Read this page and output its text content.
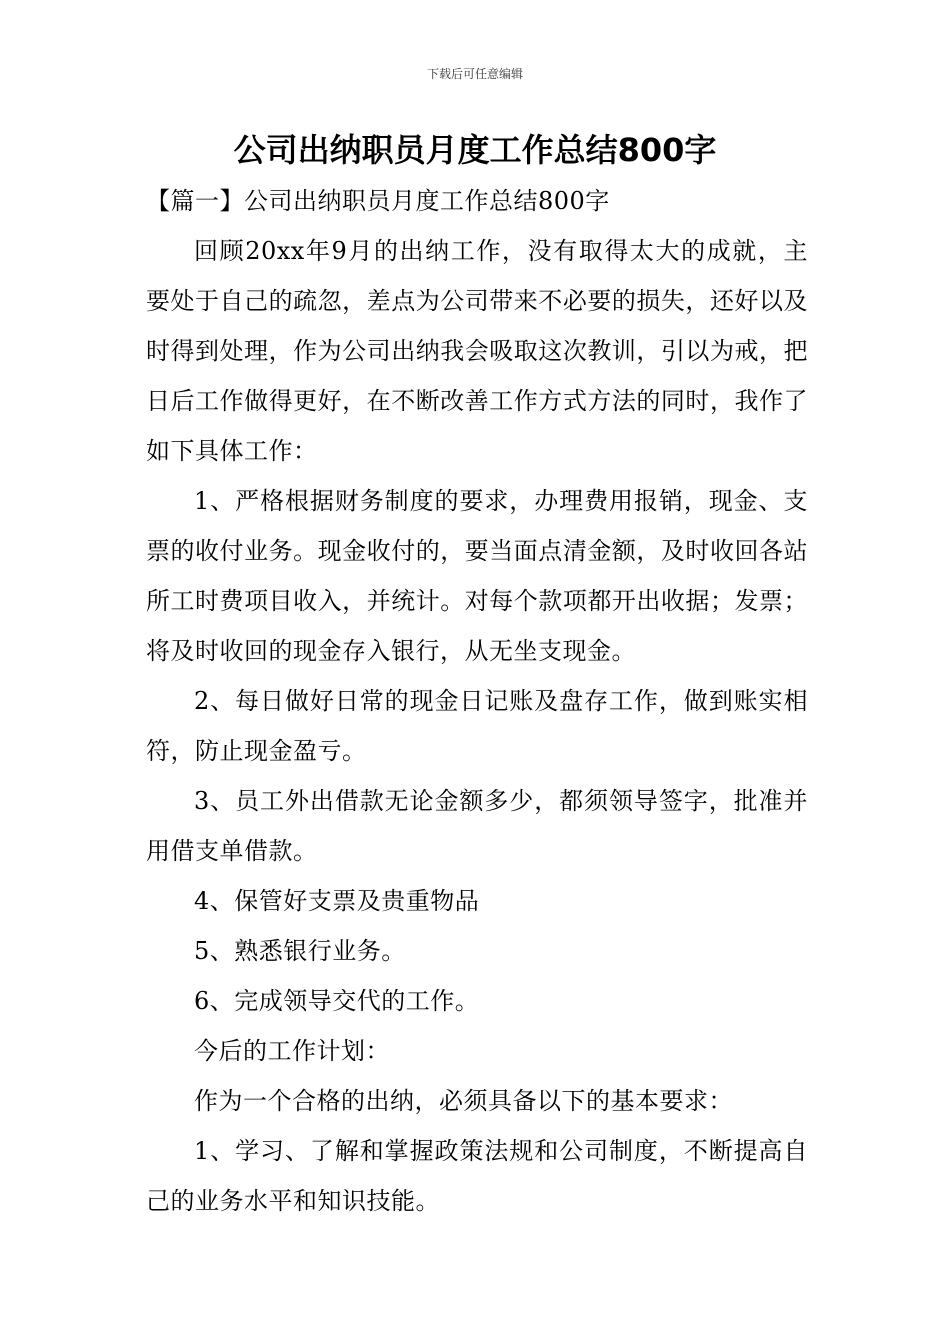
下载后可任意编辑
公司出纳职员月度工作总结800字

【篇一】公司出纳职员月度工作总结800字

回顾20xx年9月的出纳工作，没有取得太大的成就，主要处于自己的疏忽，差点为公司带来不必要的损失，还好以及时得到处理，作为公司出纳我会吸取这次教训，引以为戒，把日后工作做得更好，在不断改善工作方式方法的同时，我作了如下具体工作：

1、严格根据财务制度的要求，办理费用报销，现金、支票的收付业务。现金收付的，要当面点清金额，及时收回各站所工时费项目收入，并统计。对每个款项都开出收据；发票；将及时收回的现金存入银行，从无坐支现金。

2、每日做好日常的现金日记账及盘存工作，做到账实相符，防止现金盈亏。

3、员工外出借款无论金额多少，都须领导签字，批准并用借支单借款。

4、保管好支票及贵重物品

5、熟悉银行业务。

6、完成领导交代的工作。

今后的工作计划：

作为一个合格的出纳，必须具备以下的基本要求：

1、学习、了解和掌握政策法规和公司制度，不断提高自己的业务水平和知识技能。
